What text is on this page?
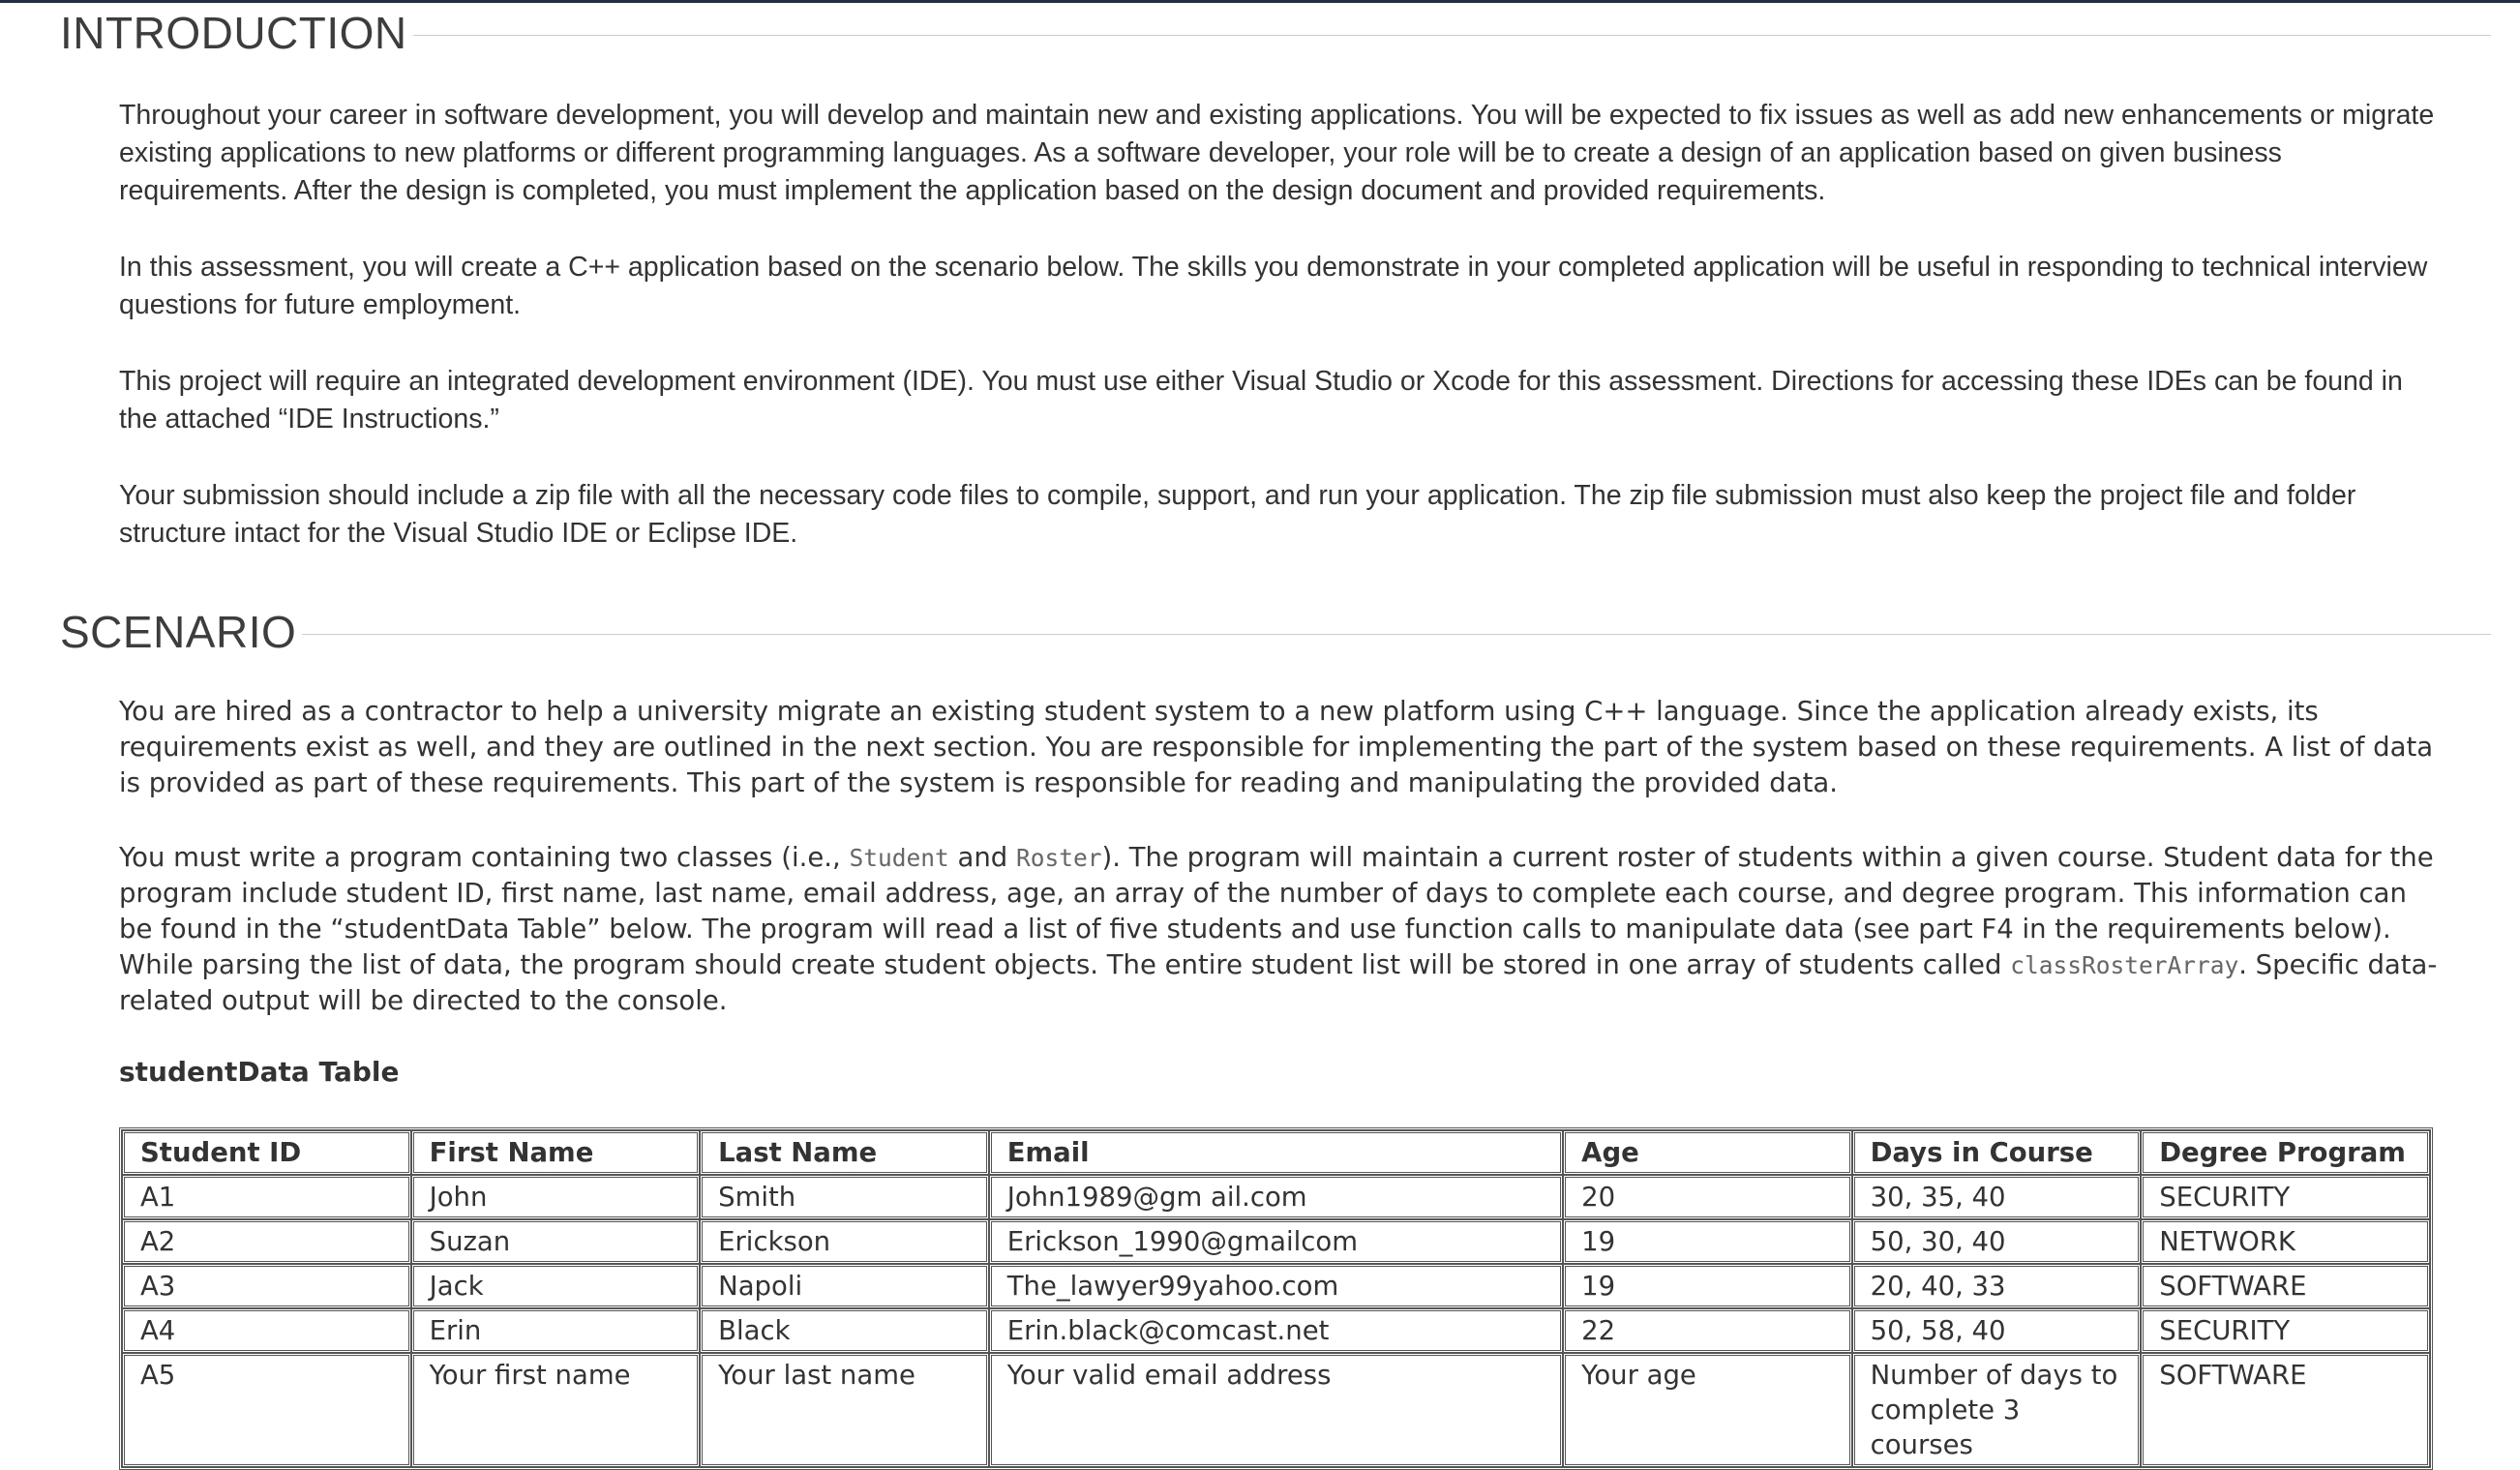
INTRODUCTION

Throughout your career in software development, you will develop and maintain new and existing applications. You will be expected to fix issues as well as add new enhancements or migrate existing applications to new platforms or different programming languages. As a software developer, your role will be to create a design of an application based on given business requirements. After the design is completed, you must implement the application based on the design document and provided requirements.

In this assessment, you will create a C++ application based on the scenario below. The skills you demonstrate in your completed application will be useful in responding to technical interview questions for future employment.

This project will require an integrated development environment (IDE). You must use either Visual Studio or Xcode for this assessment. Directions for accessing these IDEs can be found in the attached “IDE Instructions.”

Your submission should include a zip file with all the necessary code files to compile, support, and run your application. The zip file submission must also keep the project file and folder structure intact for the Visual Studio IDE or Eclipse IDE.

SCENARIO

You are hired as a contractor to help a university migrate an existing student system to a new platform using C++ language. Since the application already exists, its requirements exist as well, and they are outlined in the next section. You are responsible for implementing the part of the system based on these requirements. A list of data is provided as part of these requirements. This part of the system is responsible for reading and manipulating the provided data.

You must write a program containing two classes (i.e., Student and Roster). The program will maintain a current roster of students within a given course. Student data for the program include student ID, first name, last name, email address, age, an array of the number of days to complete each course, and degree program. This information can be found in the “studentData Table” below. The program will read a list of five students and use function calls to manipulate data (see part F4 in the requirements below). While parsing the list of data, the program should create student objects. The entire student list will be stored in one array of students called classRosterArray. Specific data-related output will be directed to the console.

studentData Table

Student ID	First Name	Last Name	Email	Age	Days in Course	Degree Program
A1	John	Smith	John1989@gm ail.com	20	30, 35, 40	SECURITY
A2	Suzan	Erickson	Erickson_1990@gmailcom	19	50, 30, 40	NETWORK
A3	Jack	Napoli	The_lawyer99yahoo.com	19	20, 40, 33	SOFTWARE
A4	Erin	Black	Erin.black@comcast.net	22	50, 58, 40	SECURITY
A5	Your first name	Your last name	Your valid email address	Your age	Number of days to complete 3 courses	SOFTWARE
